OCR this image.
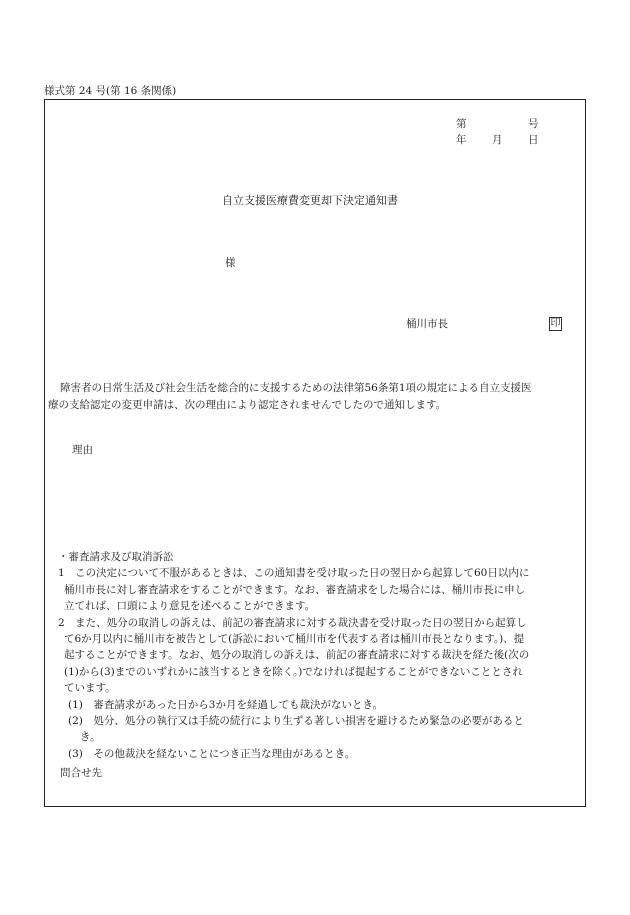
様式第 24 号(第 16 条関係)
第	号
年 月 日
自立支援医療費変更却下決定通知書
様
桶川市長	印
障害者の日常生活及び社会生活を総合的に支援するための法律第56条第1項の規定による自立支援医
療の支給認定の変更申請は、次の理由により認定されませんでしたので通知します。
理由
・審査請求及び取消訴訟
1　この決定について不服があるときは、この通知書を受け取った日の翌日から起算して60日以内に
桶川市長に対し審査請求をすることができます。なお、審査請求をした場合には、桶川市長に申し
立てれば、口頭により意見を述べることができます。
2　また、処分の取消しの訴えは、前記の審査請求に対する裁決書を受け取った日の翌日から起算し
て6か月以内に桶川市を被告として(訴訟において桶川市を代表する者は桶川市長となります。)、提
起することができます。なお、処分の取消しの訴えは、前記の審査請求に対する裁決を経た後(次の
(1)から(3)までのいずれかに該当するときを除く。)でなければ提起することができないこととされ
ています。
(1)　審査請求があった日から3か月を経過しても裁決がないとき。
(2)　処分、処分の執行又は手続の続行により生ずる著しい損害を避けるため緊急の必要があると
き。
(3)　その他裁決を経ないことにつき正当な理由があるとき。
問合せ先
